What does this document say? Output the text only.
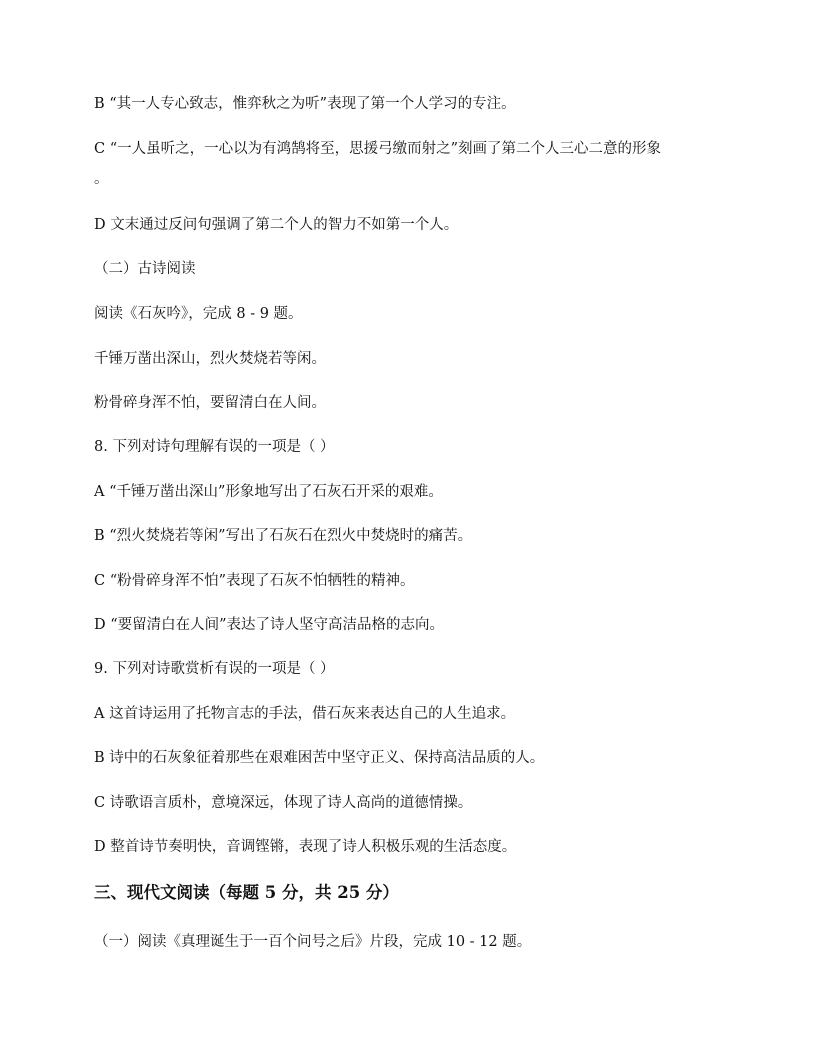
B “其一人专心致志，惟弈秋之为听”表现了第一个人学习的专注。
C “一人虽听之，一心以为有鸿鹄将至，思援弓缴而射之”刻画了第二个人三心二意的形象
。
D 文末通过反问句强调了第二个人的智力不如第一个人。
（二）古诗阅读
阅读《石灰吟》，完成 8 - 9 题。
千锤万凿出深山，烈火焚烧若等闲。
粉骨碎身浑不怕，要留清白在人间。
8. 下列对诗句理解有误的一项是（ ）
A “千锤万凿出深山”形象地写出了石灰石开采的艰难。
B “烈火焚烧若等闲”写出了石灰石在烈火中焚烧时的痛苦。
C “粉骨碎身浑不怕”表现了石灰不怕牺牲的精神。
D “要留清白在人间”表达了诗人坚守高洁品格的志向。
9. 下列对诗歌赏析有误的一项是（ ）
A 这首诗运用了托物言志的手法，借石灰来表达自己的人生追求。
B 诗中的石灰象征着那些在艰难困苦中坚守正义、保持高洁品质的人。
C 诗歌语言质朴，意境深远，体现了诗人高尚的道德情操。
D 整首诗节奏明快，音调铿锵，表现了诗人积极乐观的生活态度。
三、现代文阅读（每题 5 分，共 25 分）
（一）阅读《真理诞生于一百个问号之后》片段，完成 10 - 12 题。
